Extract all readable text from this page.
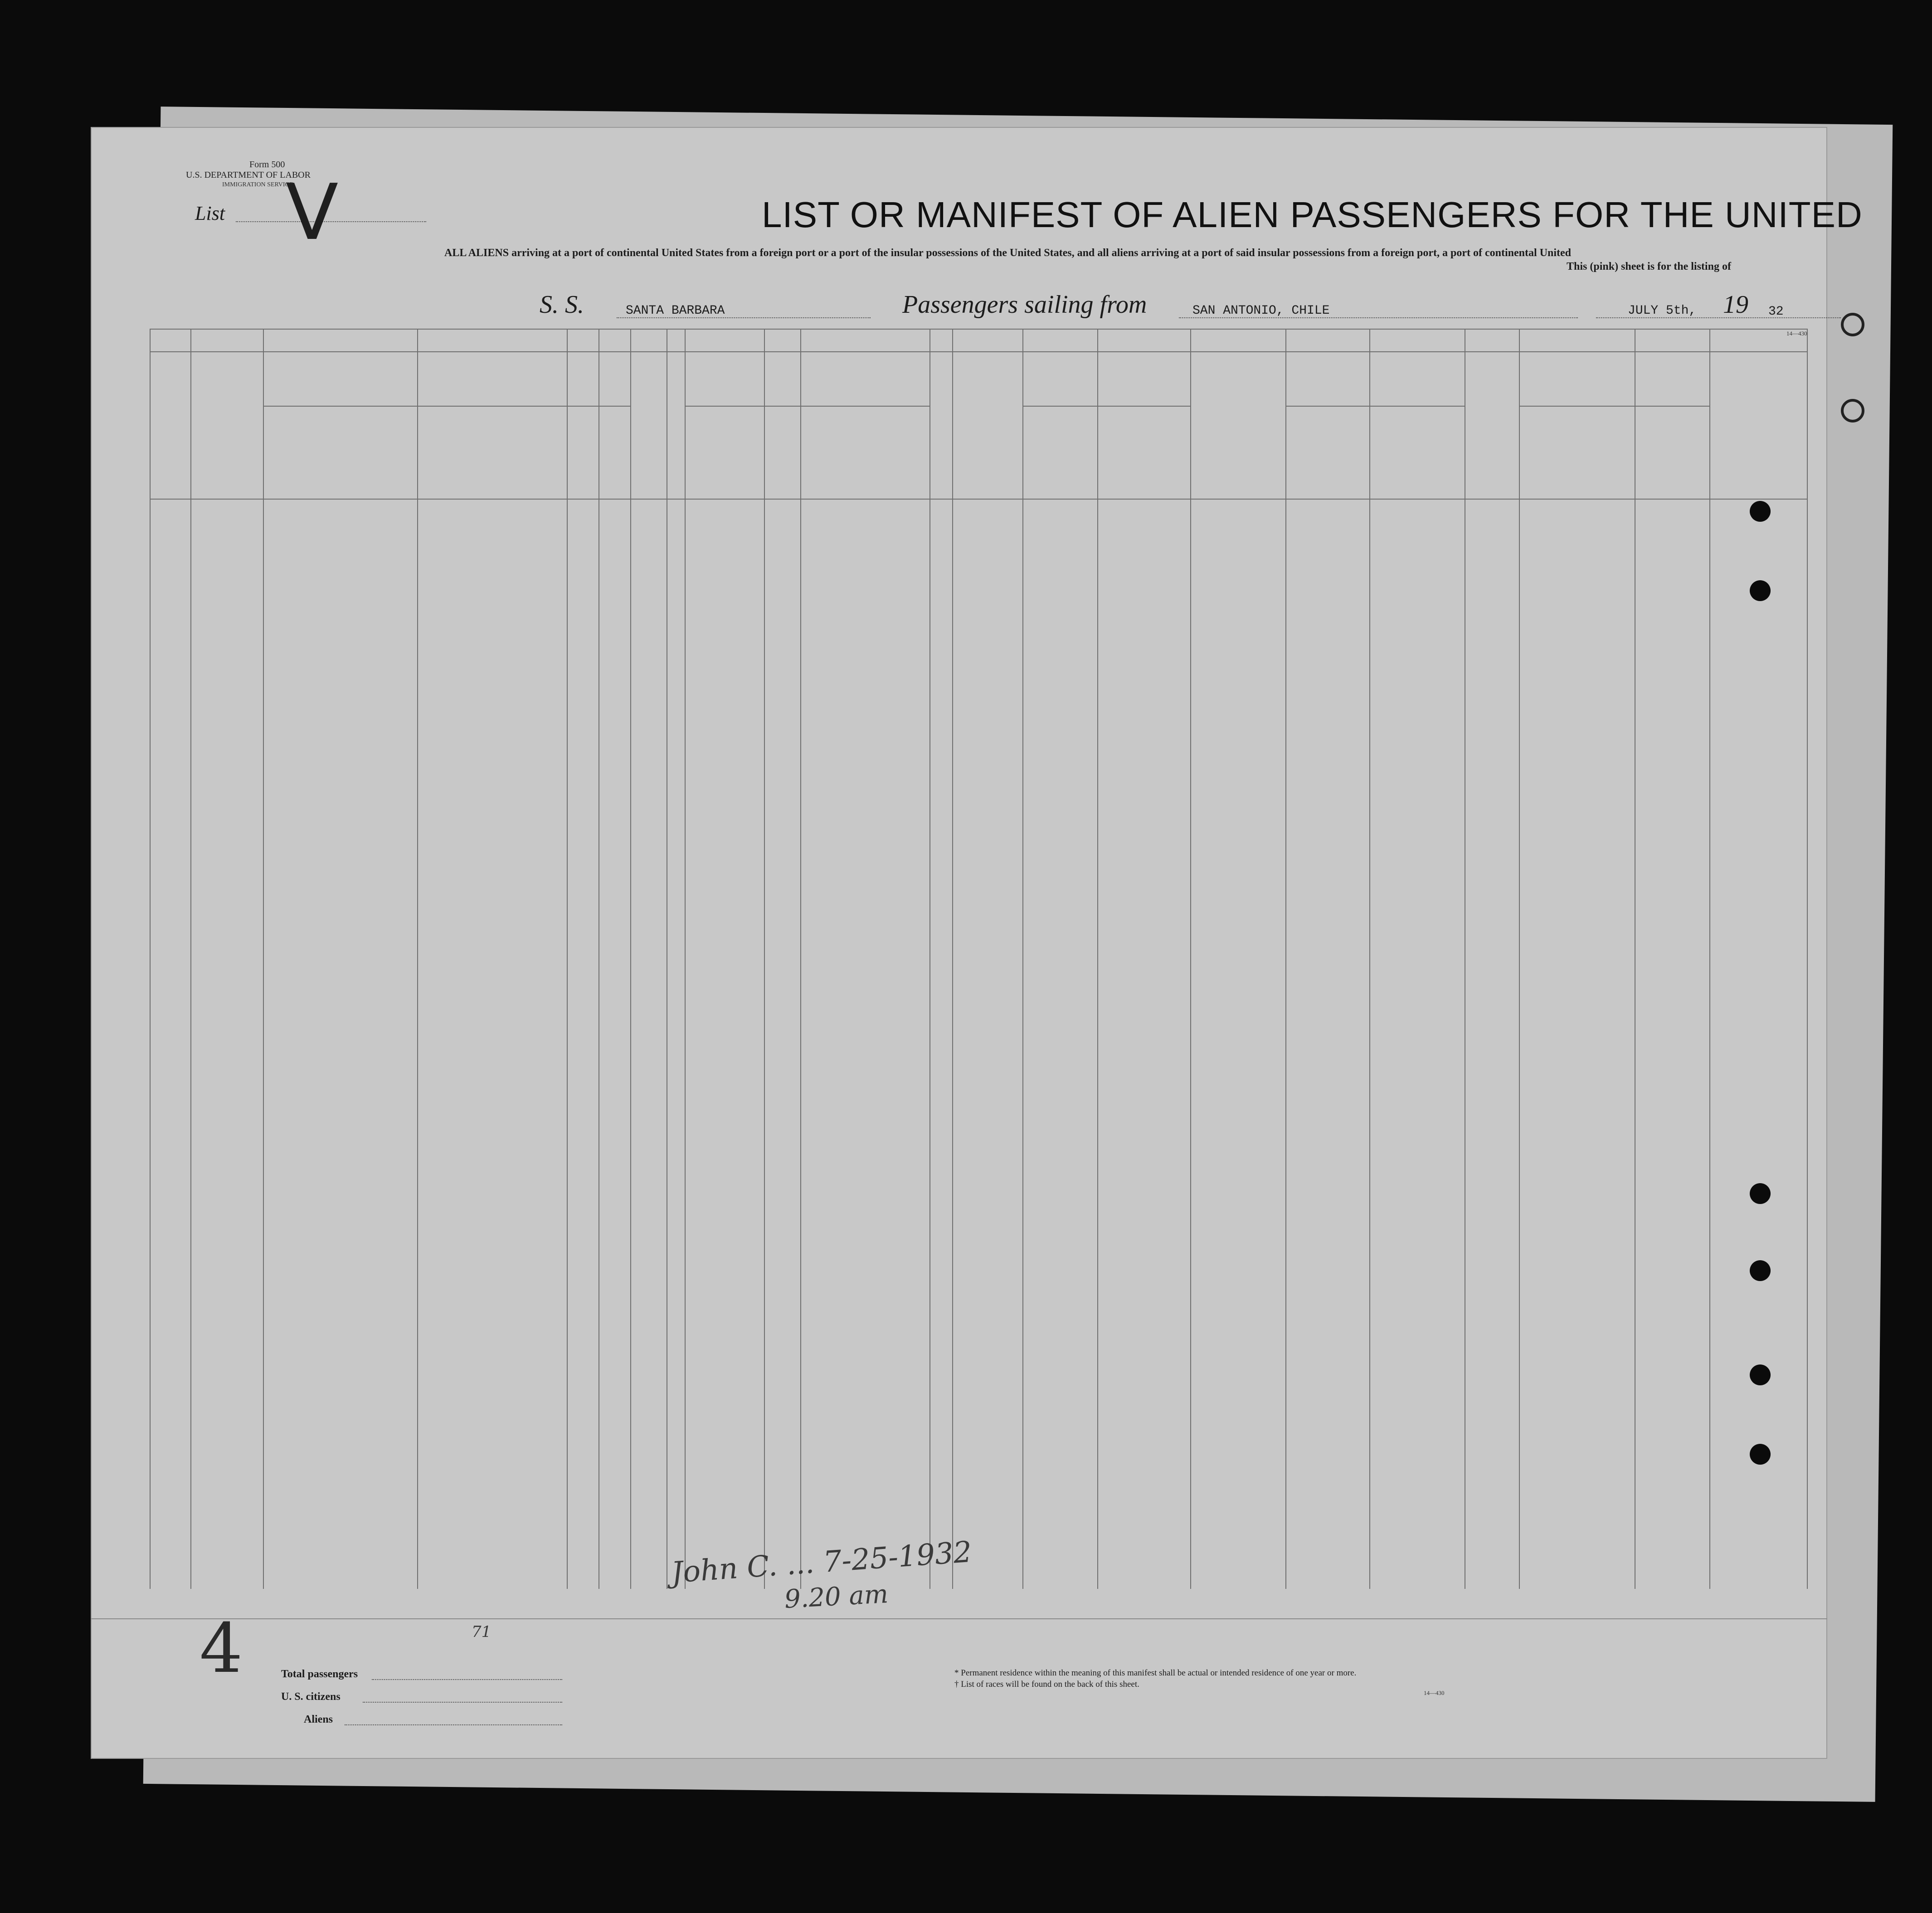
Form 500
U.S. DEPARTMENT OF LABOR
IMMIGRATION SERVICE
List V	LIST OR MANIFEST OF ALIEN PASSENGERS FOR THE UNITED
ALL ALIENS arriving at a port of continental United States from a foreign port or a port of the insular possessions of the United States, and all aliens arriving at a port of said insular possessions from a foreign port, a port of continental United
This (pink) sheet is for the listing of
S. S.	SANTA BARBARA	Passengers sailing from	SAN ANTONIO, CHILE	JULY 5th, 19 32
14—430
Total passengers
U. S. citizens
Aliens
* Permanent residence within the meaning of this manifest shall be actual or intended residence of one year or more.
† List of races will be found on the back of this sheet.
14—430
John C. ... 7-25-1932
9.20 am
4	71
